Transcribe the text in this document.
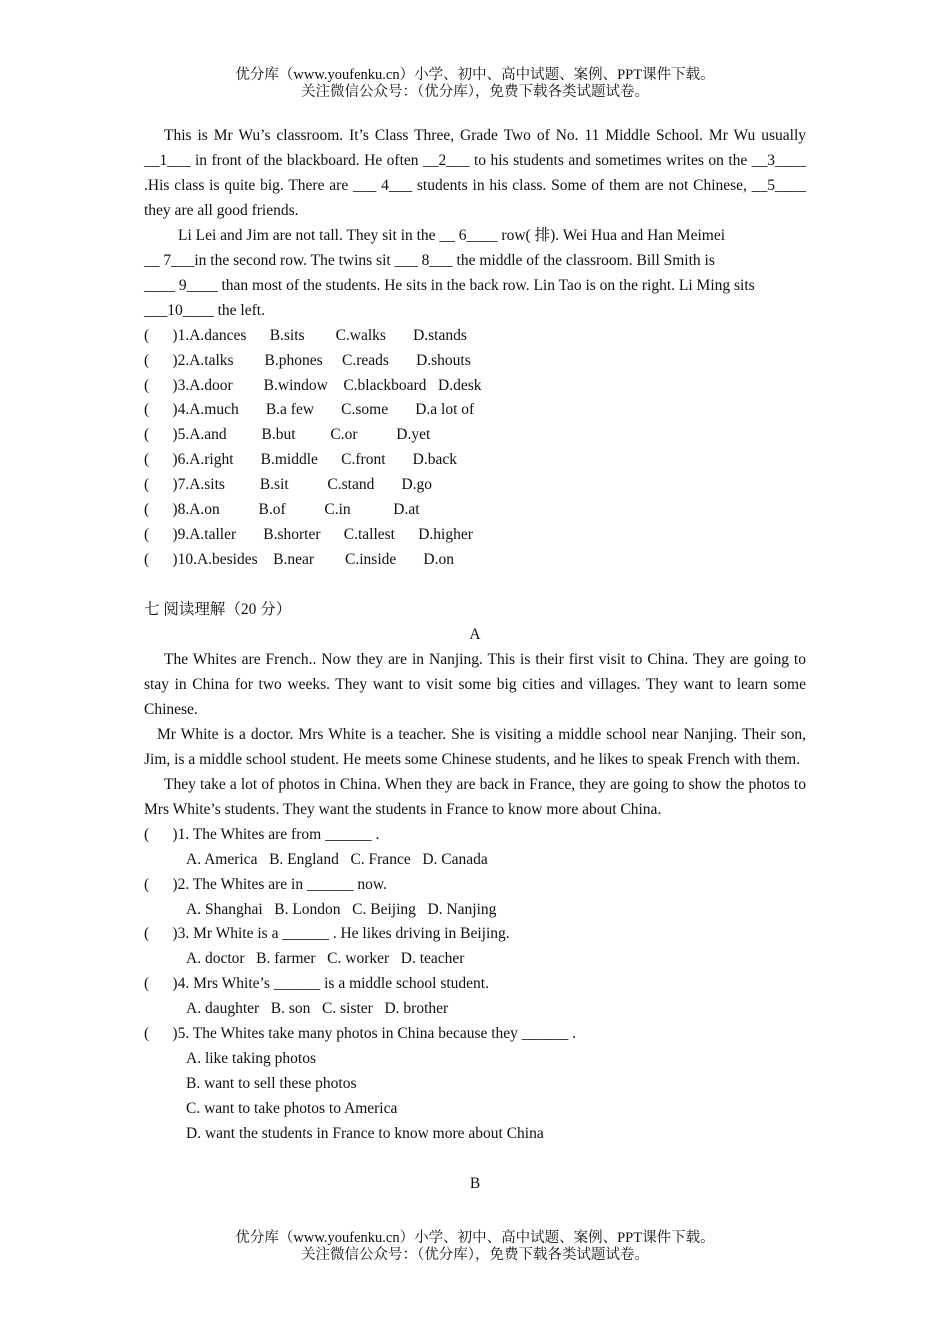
优分库（www.youfenku.cn）小学、初中、高中试题、案例、PPT课件下载。
关注微信公众号：（优分库），免费下载各类试题试卷。
This is Mr Wu’s classroom. It’s Class Three, Grade Two of No. 11 Middle School. Mr Wu usually __1___ in front of the blackboard. He often __2___ to his students and sometimes writes on the __3____ .His class is quite big. There are ___ 4___ students in his class. Some of them are not Chinese, __5____ they are all good friends.
Li Lei and Jim are not tall. They sit in the __ 6____ row( 排). Wei Hua and Han Meimei
__ 7___in the second row. The twins sit ___ 8___ the middle of the classroom. Bill Smith is
____ 9____ than most of the students. He sits in the back row. Lin Tao is on the right. Li Ming sits
___10____ the left.
(      )1.A.dances      B.sits        C.walks       D.stands
(      )2.A.talks        B.phones     C.reads       D.shouts
(      )3.A.door        B.window    C.blackboard   D.desk
(      )4.A.much       B.a few       C.some       D.a lot of
(      )5.A.and         B.but         C.or          D.yet
(      )6.A.right       B.middle      C.front       D.back
(      )7.A.sits         B.sit          C.stand       D.go
(      )8.A.on          B.of          C.in           D.at
(      )9.A.taller       B.shorter      C.tallest      D.higher
(      )10.A.besides    B.near        C.inside       D.on
七 阅读理解（20 分）
A
The Whites are French.. Now they are in Nanjing. This is their first visit to China. They are going to stay in China for two weeks. They want to visit some big cities and villages. They want to learn some Chinese.
Mr White is a doctor. Mrs White is a teacher. She is visiting a middle school near Nanjing. Their son, Jim, is a middle school student. He meets some Chinese students, and he likes to speak French with them.
They take a lot of photos in China. When they are back in France, they are going to show the photos to Mrs White’s students. They want the students in France to know more about China.
(      )1. The Whites are from ______ .
A. America   B. England   C. France   D. Canada
(      )2. The Whites are in ______ now.
A. Shanghai   B. London   C. Beijing   D. Nanjing
(      )3. Mr White is a ______ . He likes driving in Beijing.
A. doctor   B. farmer   C. worker   D. teacher
(      )4. Mrs White’s ______ is a middle school student.
A. daughter   B. son   C. sister   D. brother
(      )5. The Whites take many photos in China because they ______ .
A. like taking photos
B. want to sell these photos
C. want to take photos to America
D. want the students in France to know more about China
B
优分库（www.youfenku.cn）小学、初中、高中试题、案例、PPT课件下载。
关注微信公众号：（优分库），免费下载各类试题试卷。
